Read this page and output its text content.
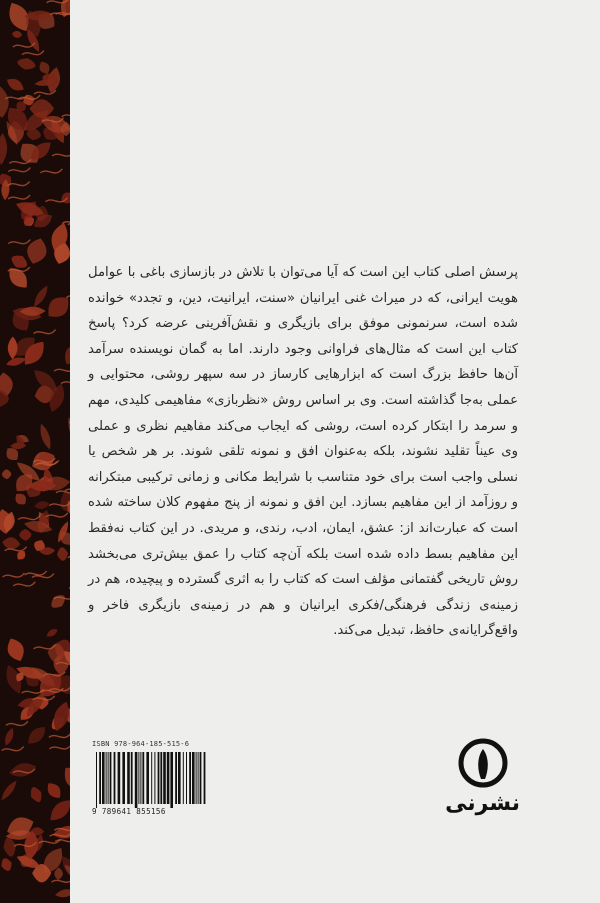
پرسش اصلی کتاب این است که آیا می‌توان با تلاش در بازسازی باغی با عوامل هویت ایرانی، که در میراث غنی ایرانیان «سنت، ایرانیت، دین، و تجدد» خوانده شده است، سرنمونی موفق برای بازیگری و نقش‌آفرینی عرضه کرد؟ پاسخ کتاب این است که مثال‌های فراوانی وجود دارند. اما به گمان نویسنده سرآمد آن‌ها حافظ بزرگ است که ابزارهایی کارساز در سه سپهر روشی، محتوایی و عملی به‌جا گذاشته است. وی بر اساس روش «نظربازی» مفاهیمی کلیدی، مهم و سرمد را ابتکار کرده است، روشی که ایجاب می‌کند مفاهیم نظری و عملی وی عیناً تقلید نشوند، بلکه به‌عنوان افق و نمونه تلقی شوند. بر هر شخص یا نسلی واجب است برای خود متناسب با شرایط مکانی و زمانی ترکیبی مبتکرانه و روزآمد از این مفاهیم بسازد. این افق و نمونه از پنج مفهوم کلان ساخته شده است که عبارت‌اند از: عشق، ایمان، ادب، رندی، و مریدی. در این کتاب نه‌فقط این مفاهیم بسط داده شده است بلکه آن‌چه کتاب را عمق بیش‌تری می‌بخشد روش تاریخی گفتمانی مؤلف است که کتاب را به اثری گسترده و پیچیده، هم در زمینه‌ی زندگی فرهنگی/فکری ایرانیان و هم در زمینه‌ی بازیگری فاخر و واقع‌گرایانه‌ی حافظ، تبدیل می‌کند.

ISBN 978-964-185-515-6
9 789641 855156	نشرنی
